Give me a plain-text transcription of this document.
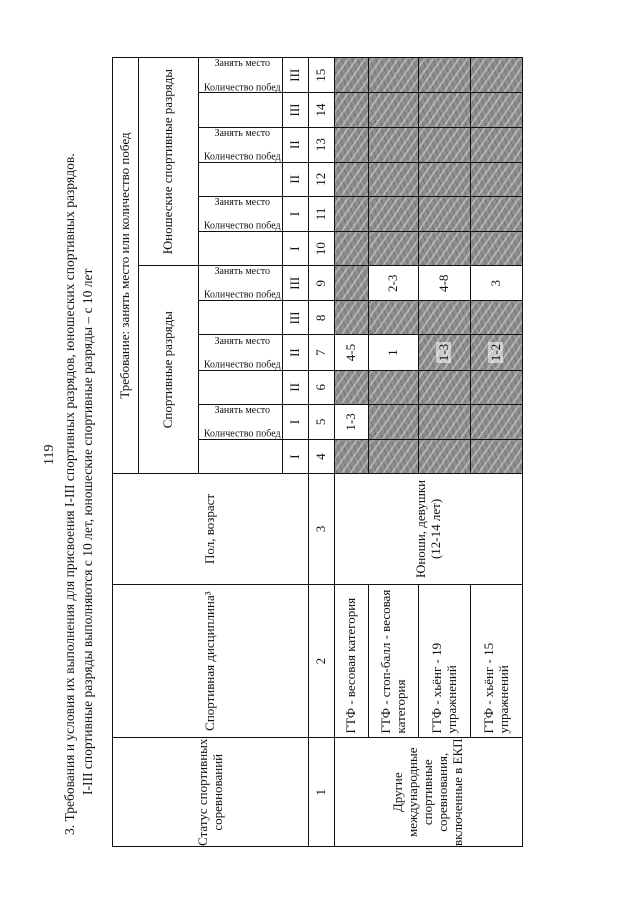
119 3. Требования и условия их выполнения для присвоения I-III спортивных разрядов, юношеских спортивных разрядов. I-III спортивные разряды выполняются с 10 лет, юношеские спортивные разряды – с 10 лет	Статус спортивных соревнований	Спортивная дисциплина³	Пол, возраст	Требование: занять место или количество побед											
			Спортивные разряды						Юношеские спортивные разряды					
			Количество побед	Занять место	Количество побед	Занять место	Количество побед	Занять место	Количество побед	Занять место	Количество побед	Занять место	Количество побед	Занять место
			I	I	II	II	III	III	I	I	II	II	III	III
1	2	3	4	5	6	7	8	9	10	11	12	13	14	15
Другие международные спортивные соревнования, включенные в ЕКП	ГТФ - весовая категория	Юноши, девушки (12-14 лет)		1-3		4-5								
	ГТФ - стоп-балл - весовая категория					1		2-3						
	ГТФ - хьёнг - 19 упражнений					1-3		4-8						
	ГТФ - хьёнг - 15 упражнений					1-2		3						
